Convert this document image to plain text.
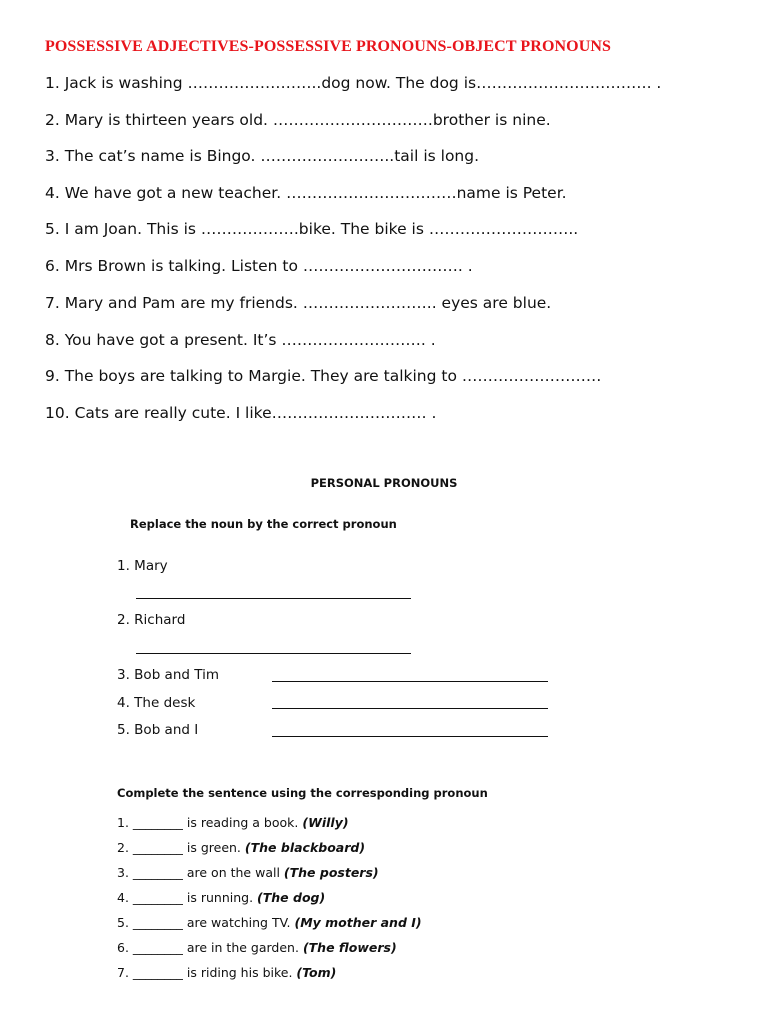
POSSESSIVE ADJECTIVES-POSSESSIVE PRONOUNS-OBJECT PRONOUNS
1. Jack is washing ……………………..dog now. The dog is……………………………. .
2. Mary is thirteen years old. ………………………….brother is nine.
3. The cat’s name is Bingo. ……………………..tail is long.
4. We have got a new teacher. ……………………………name is Peter.
5. I am Joan. This is ……………….bike. The bike is ………………………..
6. Mrs Brown is talking. Listen to …………………………. .
7. Mary and Pam are my friends. …………………….. eyes are blue.
8. You have got a present. It’s ………………………. .
9. The boys are talking to Margie. They are talking to ………………………
10. Cats are really cute. I like………………………… .
PERSONAL PRONOUNS
Replace the noun by the correct pronoun
1. Mary
2. Richard
3. Bob and Tim
4. The desk
5. Bob and I
Complete the sentence using the corresponding pronoun
1. ________ is reading a book. (Willy)
2. ________ is green. (The blackboard)
3. ________ are on the wall (The posters)
4. ________ is running. (The dog)
5. ________ are watching TV. (My mother and I)
6. ________ are in the garden. (The flowers)
7. ________ is riding his bike. (Tom)
